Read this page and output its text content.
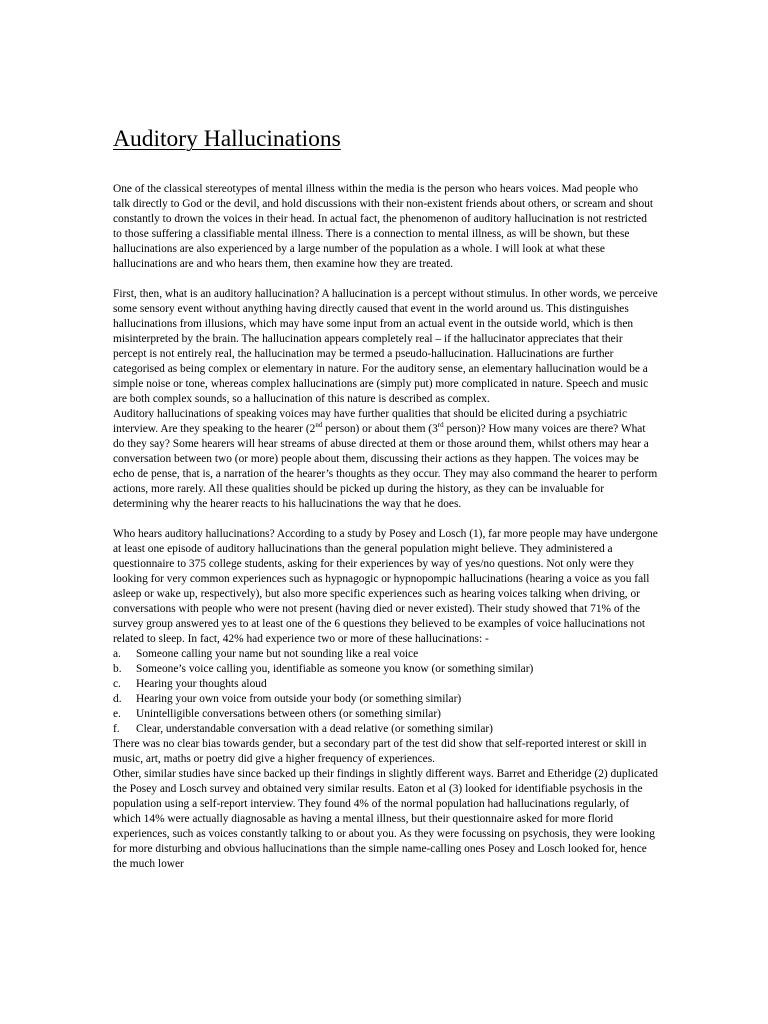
Auditory Hallucinations

One of the classical stereotypes of mental illness within the media is the person who hears voices. Mad people who talk directly to God or the devil, and hold discussions with their non-existent friends about others, or scream and shout constantly to drown the voices in their head. In actual fact, the phenomenon of auditory hallucination is not restricted to those suffering a classifiable mental illness. There is a connection to mental illness, as will be shown, but these hallucinations are also experienced by a large number of the population as a whole. I will look at what these hallucinations are and who hears them, then examine how they are treated.

First, then, what is an auditory hallucination? A hallucination is a percept without stimulus. In other words, we perceive some sensory event without anything having directly caused that event in the world around us. This distinguishes hallucinations from illusions, which may have some input from an actual event in the outside world, which is then misinterpreted by the brain. The hallucination appears completely real – if the hallucinator appreciates that their percept is not entirely real, the hallucination may be termed a pseudo-hallucination. Hallucinations are further categorised as being complex or elementary in nature. For the auditory sense, an elementary hallucination would be a simple noise or tone, whereas complex hallucinations are (simply put) more complicated in nature. Speech and music are both complex sounds, so a hallucination of this nature is described as complex.

Auditory hallucinations of speaking voices may have further qualities that should be elicited during a psychiatric interview. Are they speaking to the hearer (2nd person) or about them (3rd person)? How many voices are there? What do they say? Some hearers will hear streams of abuse directed at them or those around them, whilst others may hear a conversation between two (or more) people about them, discussing their actions as they happen. The voices may be echo de pense, that is, a narration of the hearer’s thoughts as they occur. They may also command the hearer to perform actions, more rarely. All these qualities should be picked up during the history, as they can be invaluable for determining why the hearer reacts to his hallucinations the way that he does.

Who hears auditory hallucinations? According to a study by Posey and Losch (1), far more people may have undergone at least one episode of auditory hallucinations than the general population might believe. They administered a questionnaire to 375 college students, asking for their experiences by way of yes/no questions. Not only were they looking for very common experiences such as hypnagogic or hypnopompic hallucinations (hearing a voice as you fall asleep or wake up, respectively), but also more specific experiences such as hearing voices talking when driving, or conversations with people who were not present (having died or never existed). Their study showed that 71% of the survey group answered yes to at least one of the 6 questions they believed to be examples of voice hallucinations not related to sleep. In fact, 42% had experience two or more of these hallucinations: -

a.	Someone calling your name but not sounding like a real voice
b.	Someone’s voice calling you, identifiable as someone you know (or something similar)
c.	Hearing your thoughts aloud
d.	Hearing your own voice from outside your body (or something similar)
e.	Unintelligible conversations between others (or something similar)
f.	Clear, understandable conversation with a dead relative (or something similar)

There was no clear bias towards gender, but a secondary part of the test did show that self-reported interest or skill in music, art, maths or poetry did give a higher frequency of experiences.

Other, similar studies have since backed up their findings in slightly different ways. Barret and Etheridge (2) duplicated the Posey and Losch survey and obtained very similar results. Eaton et al (3) looked for identifiable psychosis in the population using a self-report interview. They found 4% of the normal population had hallucinations regularly, of which 14% were actually diagnosable as having a mental illness, but their questionnaire asked for more florid experiences, such as voices constantly talking to or about you. As they were focussing on psychosis, they were looking for more disturbing and obvious hallucinations than the simple name-calling ones Posey and Losch looked for, hence the much lower
